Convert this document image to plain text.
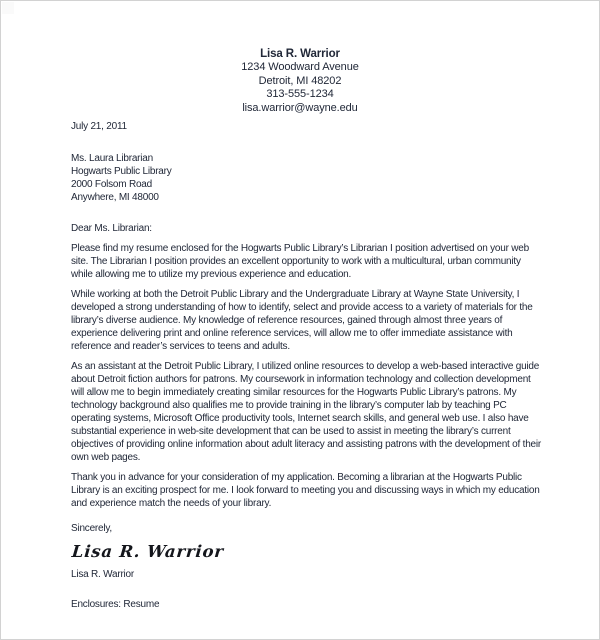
Lisa R. Warrior
1234 Woodward Avenue
Detroit, MI 48202
313-555-1234
lisa.warrior@wayne.edu
July 21, 2011
Ms. Laura Librarian
Hogwarts Public Library
2000 Folsom Road
Anywhere, MI 48000
Dear Ms. Librarian:
Please find my resume enclosed for the Hogwarts Public Library’s Librarian I position advertised on your web site. The Librarian I position provides an excellent opportunity to work with a multicultural, urban community while allowing me to utilize my previous experience and education.
While working at both the Detroit Public Library and the Undergraduate Library at Wayne State University, I developed a strong understanding of how to identify, select and provide access to a variety of materials for the library’s diverse audience. My knowledge of reference resources, gained through almost three years of experience delivering print and online reference services, will allow me to offer immediate assistance with reference and reader’s services to teens and adults.
As an assistant at the Detroit Public Library, I utilized online resources to develop a web-based interactive guide about Detroit fiction authors for patrons. My coursework in information technology and collection development will allow me to begin immediately creating similar resources for the Hogwarts Public Library’s patrons. My technology background also qualifies me to provide training in the library’s computer lab by teaching PC operating systems, Microsoft Office productivity tools, Internet search skills, and general web use. I also have substantial experience in web-site development that can be used to assist in meeting the library’s current objectives of providing online information about adult literacy and assisting patrons with the development of their own web pages.
Thank you in advance for your consideration of my application. Becoming a librarian at the Hogwarts Public Library is an exciting prospect for me. I look forward to meeting you and discussing ways in which my education and experience match the needs of your library.
Sincerely,
Lisa R. Warrior
Lisa R. Warrior
Enclosures: Resume
